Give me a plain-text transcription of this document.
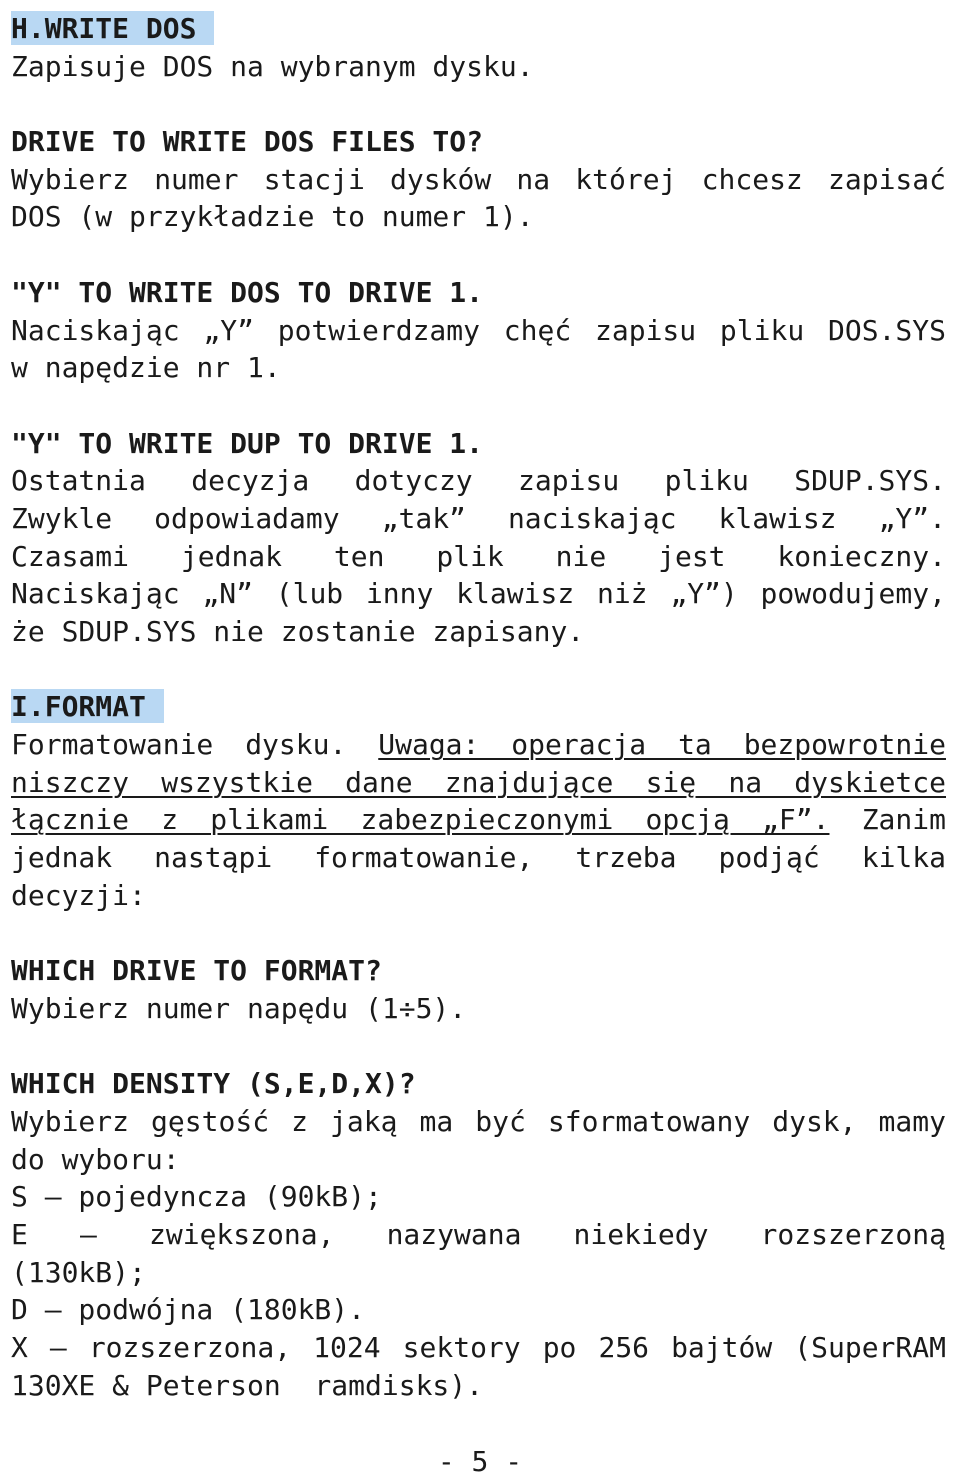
H.WRITE DOS
Zapisuje DOS na wybranym dysku.
DRIVE TO WRITE DOS FILES TO?
Wybierz numer stacji dysków na której chcesz zapisać
DOS (w przykładzie to numer 1).
"Y" TO WRITE DOS TO DRIVE 1.
Naciskając „Y” potwierdzamy chęć zapisu pliku DOS.SYS
w napędzie nr 1.
"Y" TO WRITE DUP TO DRIVE 1.
Ostatnia decyzja dotyczy zapisu pliku SDUP.SYS.
Zwykle odpowiadamy „tak” naciskając klawisz „Y”.
Czasami jednak ten plik nie jest konieczny.
Naciskając „N” (lub inny klawisz niż „Y”) powodujemy,
że SDUP.SYS nie zostanie zapisany.
I.FORMAT
Formatowanie dysku. Uwaga: operacja ta bezpowrotnie
niszczy wszystkie dane znajdujące się na dyskietce
łącznie z plikami zabezpieczonymi opcją „F”. Zanim
jednak nastąpi formatowanie, trzeba podjąć kilka
decyzji:
WHICH DRIVE TO FORMAT?
Wybierz numer napędu (1÷5).
WHICH DENSITY (S,E,D,X)?
Wybierz gęstość z jaką ma być sformatowany dysk, mamy
do wyboru:
S – pojedyncza (90kB);
E – zwiększona, nazywana niekiedy rozszerzoną
(130kB);
D – podwójna (180kB).
X – rozszerzona, 1024 sektory po 256 bajtów (SuperRAM
130XE & Peterson  ramdisks).
- 5 -
